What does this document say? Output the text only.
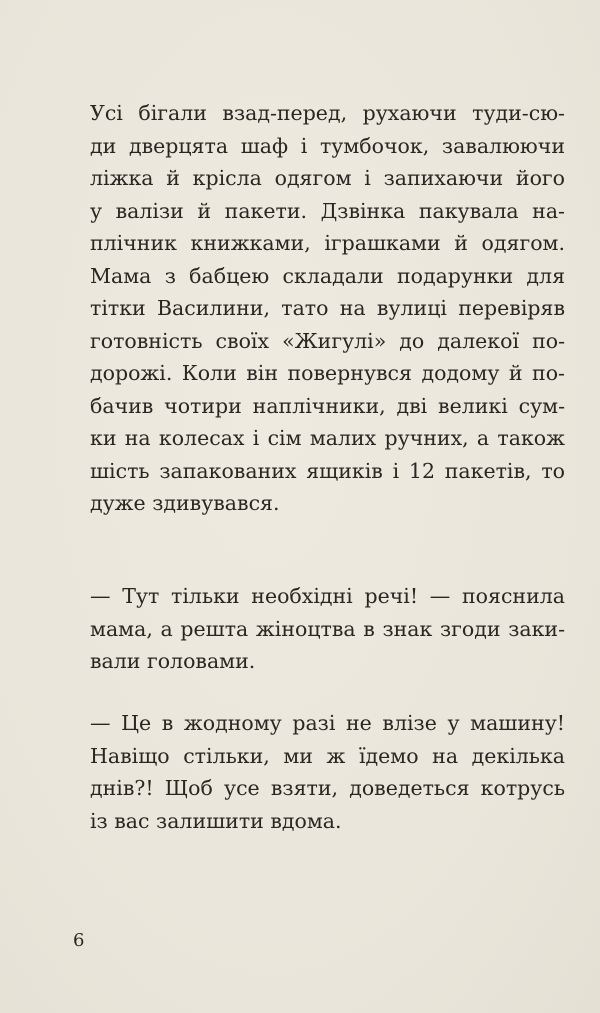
Усі бігали взад-перед, рухаючи туди-сю-
ди дверцята шаф і тумбочок, завалюючи
ліжка й крісла одягом і запихаючи його
у валізи й пакети. Дзвінка пакувала на-
плічник книжками, іграшками й одягом.
Мама з бабцею складали подарунки для
тітки Василини, тато на вулиці перевіряв
готовність своїх «Жигулі» до далекої по-
дорожі. Коли він повернувся додому й по-
бачив чотири наплічники, дві великі сум-
ки на колесах і сім малих ручних, а також
шість запакованих ящиків і 12 пакетів, то
дуже здивувався.

— Тут тільки необхідні речі! — пояснила
мама, а решта жіноцтва в знак згоди заки-
вали головами.

— Це в жодному разі не влізе у машину!
Навіщо стільки, ми ж їдемо на декілька
днів?! Щоб усе взяти, доведеться котрусь
із вас залишити вдома.

6
